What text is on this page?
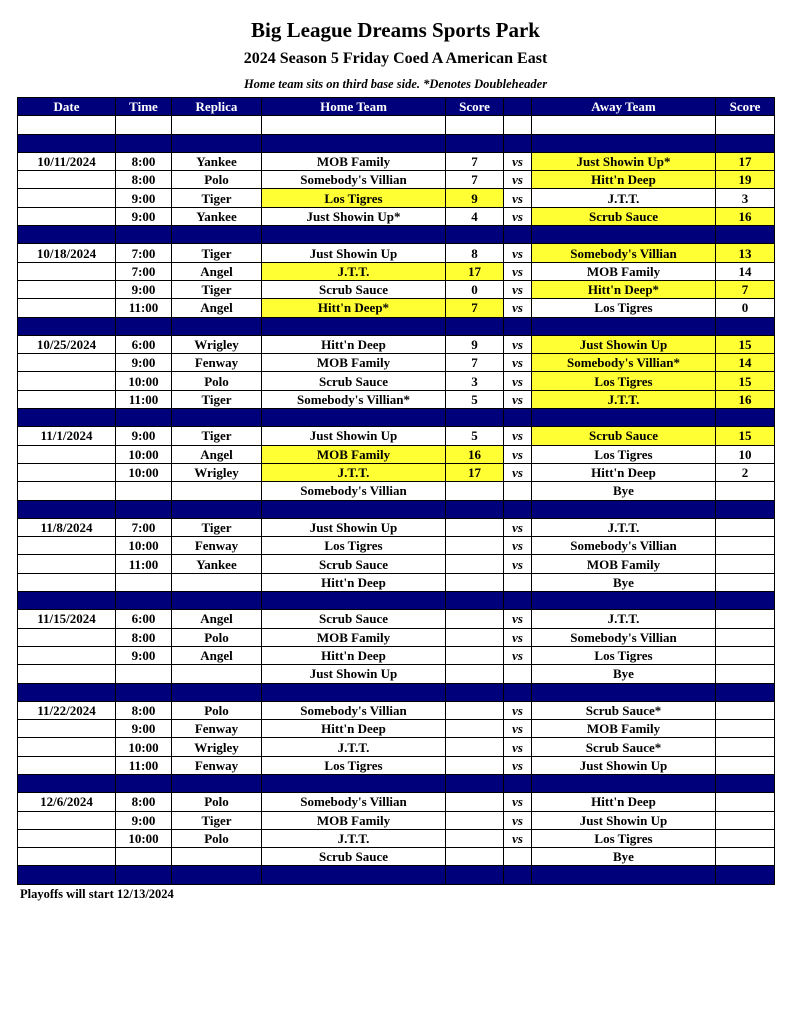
Big League Dreams Sports Park
2024 Season 5 Friday Coed A American East
Home team sits on third base side. *Denotes Doubleheader
Date	Time	Replica	Home Team	Score		Away Team	Score

10/11/2024	8:00	Yankee	MOB Family	7	vs	Just Showin Up*	17
	8:00	Polo	Somebody's Villian	7	vs	Hitt'n Deep	19
	9:00	Tiger	Los Tigres	9	vs	J.T.T.	3
	9:00	Yankee	Just Showin Up*	4	vs	Scrub Sauce	16

10/18/2024	7:00	Tiger	Just Showin Up	8	vs	Somebody's Villian	13
	7:00	Angel	J.T.T.	17	vs	MOB Family	14
	9:00	Tiger	Scrub Sauce	0	vs	Hitt'n Deep*	7
	11:00	Angel	Hitt'n Deep*	7	vs	Los Tigres	0

10/25/2024	6:00	Wrigley	Hitt'n Deep	9	vs	Just Showin Up	15
	9:00	Fenway	MOB Family	7	vs	Somebody's Villian*	14
	10:00	Polo	Scrub Sauce	3	vs	Los Tigres	15
	11:00	Tiger	Somebody's Villian*	5	vs	J.T.T.	16

11/1/2024	9:00	Tiger	Just Showin Up	5	vs	Scrub Sauce	15
	10:00	Angel	MOB Family	16	vs	Los Tigres	10
	10:00	Wrigley	J.T.T.	17	vs	Hitt'n Deep	2
			Somebody's Villian			Bye	

11/8/2024	7:00	Tiger	Just Showin Up		vs	J.T.T.	
	10:00	Fenway	Los Tigres		vs	Somebody's Villian	
	11:00	Yankee	Scrub Sauce		vs	MOB Family	
			Hitt'n Deep			Bye	

11/15/2024	6:00	Angel	Scrub Sauce		vs	J.T.T.	
	8:00	Polo	MOB Family		vs	Somebody's Villian	
	9:00	Angel	Hitt'n Deep		vs	Los Tigres	
			Just Showin Up			Bye	

11/22/2024	8:00	Polo	Somebody's Villian		vs	Scrub Sauce*	
	9:00	Fenway	Hitt'n Deep		vs	MOB Family	
	10:00	Wrigley	J.T.T.		vs	Scrub Sauce*	
	11:00	Fenway	Los Tigres		vs	Just Showin Up	

12/6/2024	8:00	Polo	Somebody's Villian		vs	Hitt'n Deep	
	9:00	Tiger	MOB Family		vs	Just Showin Up	
	10:00	Polo	J.T.T.		vs	Los Tigres	
			Scrub Sauce			Bye	

Playoffs will start 12/13/2024
